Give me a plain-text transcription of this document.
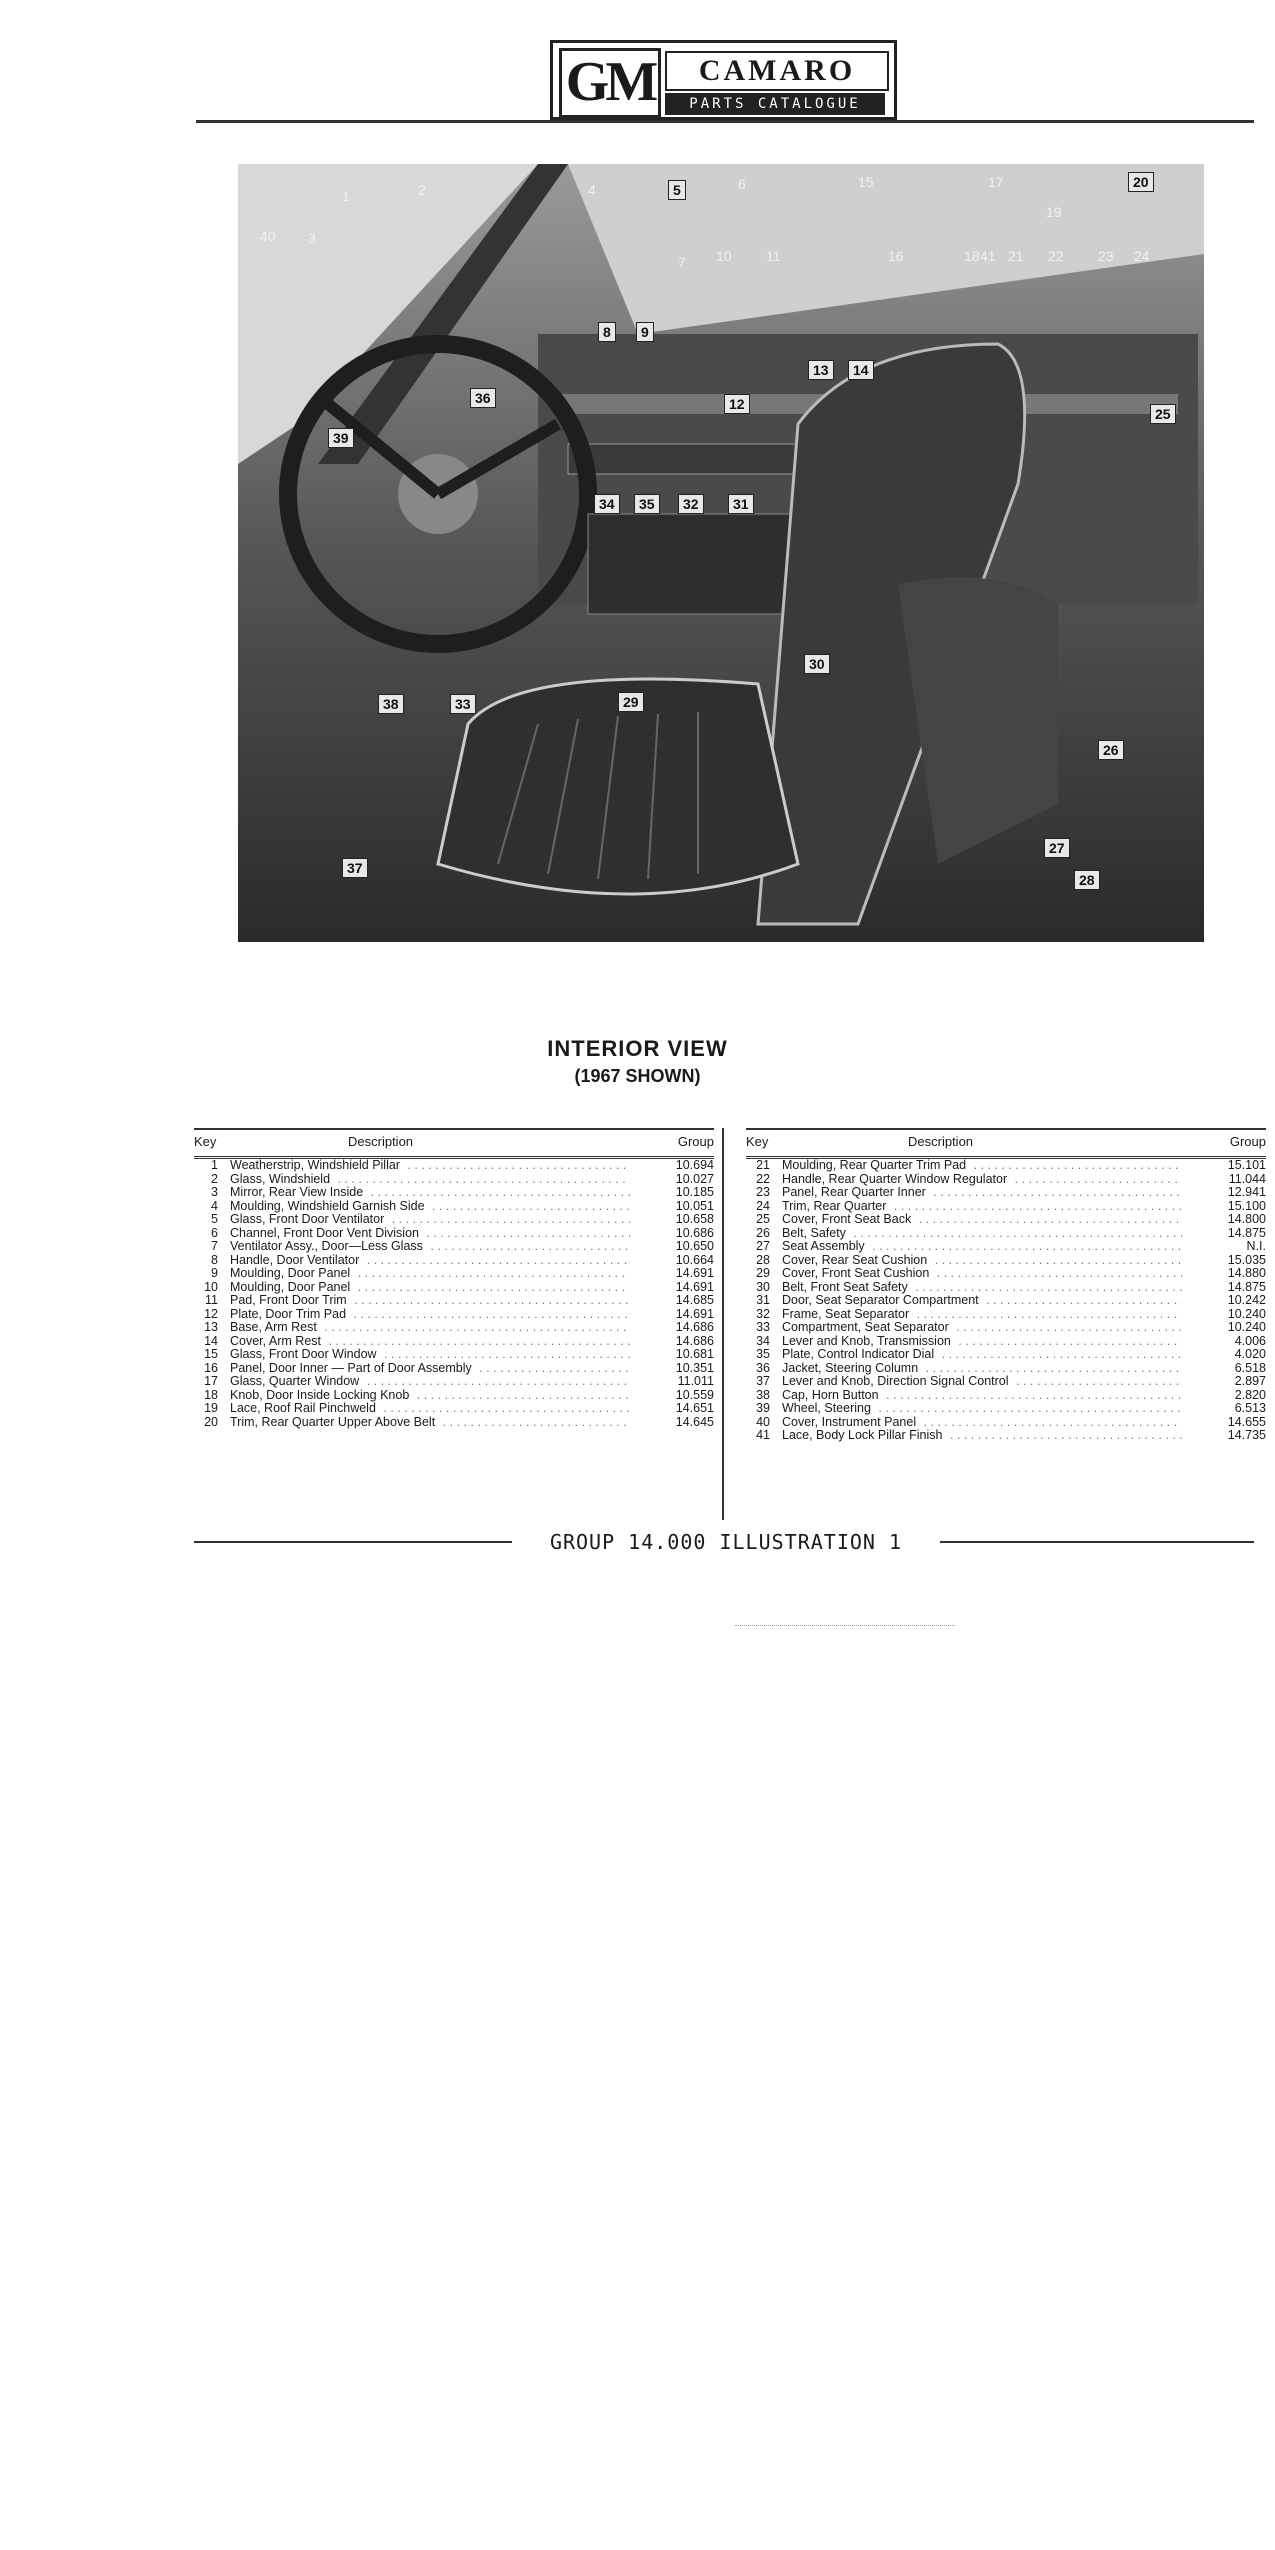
GM	CAMARO
PARTS CATALOGUE
1	2
3
4	5	6
7
8	9
10 11
12
13	14
15
16
17
18
19
20
21 22 23 24
25
26
27
28
29
30
31
32
33
34	35
36
37
38
39
40
41
INTERIOR VIEW
(1967 SHOWN)
Key	Description	Group
1 Weatherstrip, Windshield Pillar . . .	10.694
2 Glass, Windshield . . .	10.027
3 Mirror, Rear View Inside . . .	10.185
4 Moulding, Windshield Garnish Side . . .	10.051
5 Glass, Front Door Ventilator . . .	10.658
6 Channel, Front Door Vent Division . . .	10.686
7 Ventilator Assy., Door—Less Glass . . .	10.650
8 Handle, Door Ventilator . . .	10.664
9 Moulding, Door Panel . . .	14.691
10 Moulding, Door Panel . . .	14.691
11 Pad, Front Door Trim . . .	14.685
12 Plate, Door Trim Pad . . .	14.691
13 Base, Arm Rest . . .	14.686
14 Cover, Arm Rest . . .	14.686
15 Glass, Front Door Window . . .	10.681
16 Panel, Door Inner — Part of Door Assembly . . .	10.351
17 Glass, Quarter Window . . .	11.011
18 Knob, Door Inside Locking Knob . . .	10.559
19 Lace, Roof Rail Pinchweld . . .	14.651
20 Trim, Rear Quarter Upper Above Belt . . .	14.645
Key	Description	Group
21 Moulding, Rear Quarter Trim Pad . . .	15.101
22 Handle, Rear Quarter Window Regulator . . .	11.044
23 Panel, Rear Quarter Inner . . .	12.941
24 Trim, Rear Quarter . . .	15.100
25 Cover, Front Seat Back . . .	14.800
26 Belt, Safety . . .	14.875
27 Seat Assembly . . .	N.I.
28 Cover, Rear Seat Cushion . . .	15.035
29 Cover, Front Seat Cushion . . .	14.880
30 Belt, Front Seat Safety . . .	14.875
31 Door, Seat Separator Compartment . . .	10.242
32 Frame, Seat Separator . . .	10.240
33 Compartment, Seat Separator . . .	10.240
34 Lever and Knob, Transmission . . .	4.006
35 Plate, Control Indicator Dial . . .	4.020
36 Jacket, Steering Column . . .	6.518
37 Lever and Knob, Direction Signal Control . . .	2.897
38 Cap, Horn Button . . .	2.820
39 Wheel, Steering . . .	6.513
40 Cover, Instrument Panel . . .	14.655
41 Lace, Body Lock Pillar Finish . . .	14.735
GROUP 14.000 ILLUSTRATION 1
